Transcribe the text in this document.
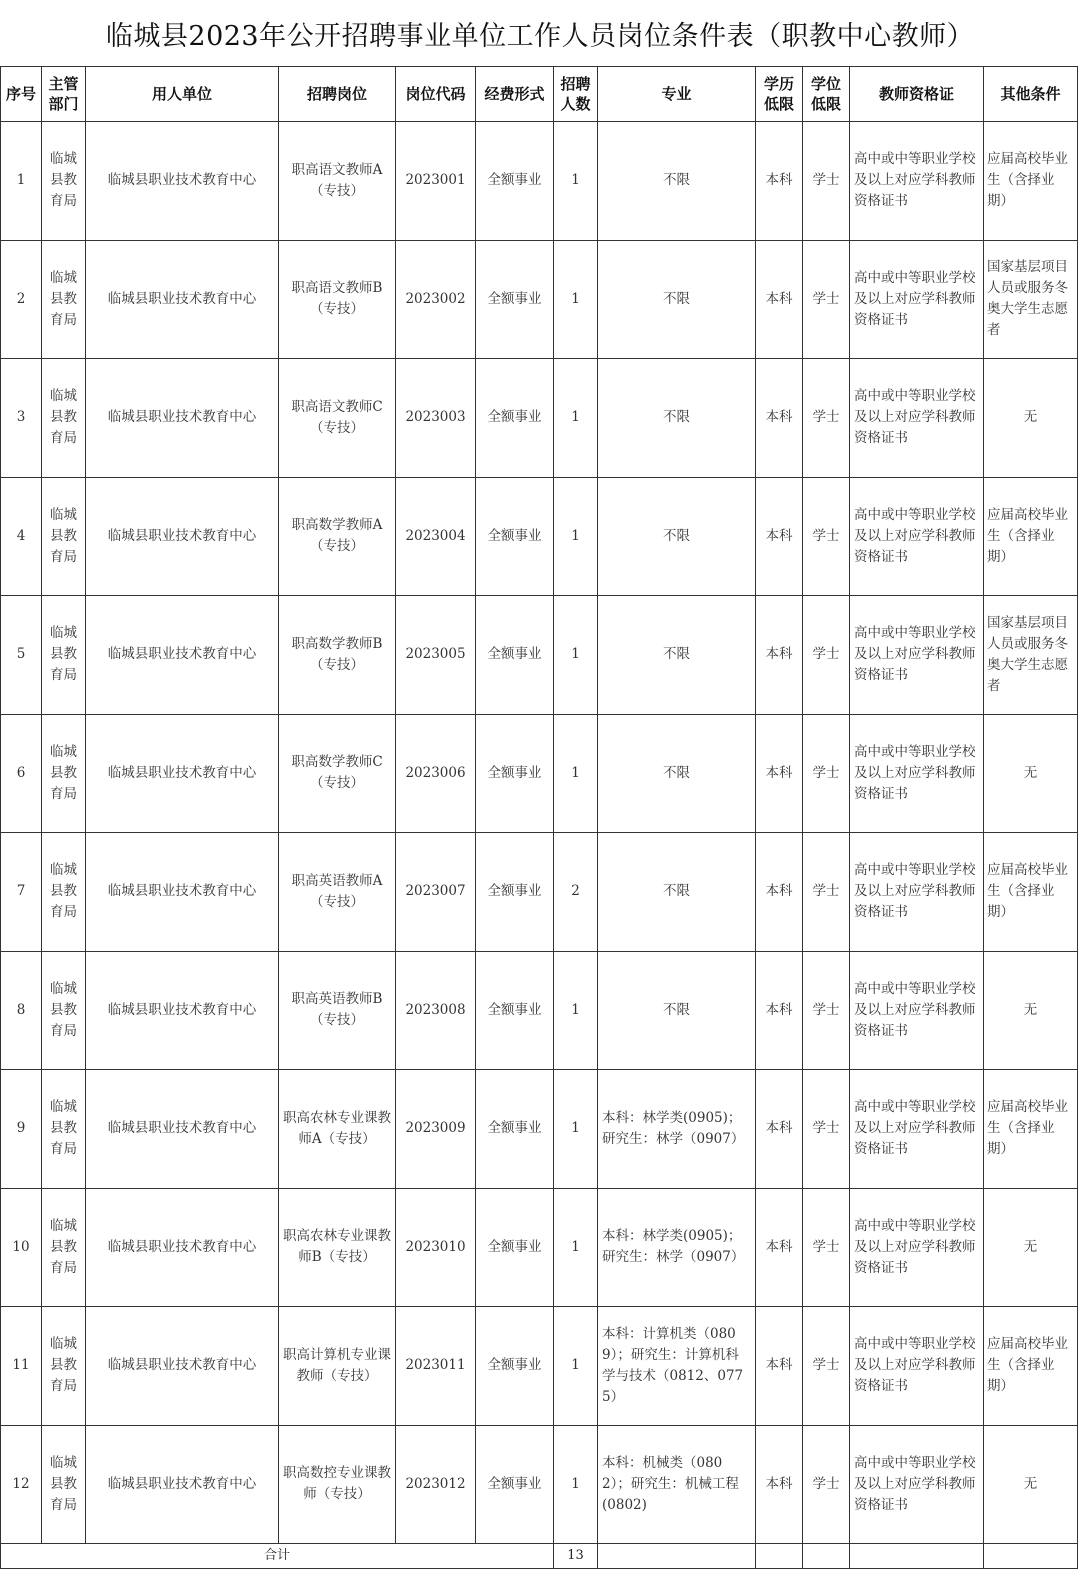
临城县2023年公开招聘事业单位工作人员岗位条件表（职教中心教师）
序号	主管部门	用人单位	招聘岗位	岗位代码	经费形式	招聘人数	专业	学历低限	学位低限	教师资格证	其他条件
1	临城县教育局	临城县职业技术教育中心	职高语文教师A（专技）	2023001	全额事业	1	不限	本科	学士	高中或中等职业学校及以上对应学科教师资格证书	应届高校毕业生（含择业期）
2	临城县教育局	临城县职业技术教育中心	职高语文教师B（专技）	2023002	全额事业	1	不限	本科	学士	高中或中等职业学校及以上对应学科教师资格证书	国家基层项目人员或服务冬奥大学生志愿者
3	临城县教育局	临城县职业技术教育中心	职高语文教师C（专技）	2023003	全额事业	1	不限	本科	学士	高中或中等职业学校及以上对应学科教师资格证书	无
4	临城县教育局	临城县职业技术教育中心	职高数学教师A（专技）	2023004	全额事业	1	不限	本科	学士	高中或中等职业学校及以上对应学科教师资格证书	应届高校毕业生（含择业期）
5	临城县教育局	临城县职业技术教育中心	职高数学教师B（专技）	2023005	全额事业	1	不限	本科	学士	高中或中等职业学校及以上对应学科教师资格证书	国家基层项目人员或服务冬奥大学生志愿者
6	临城县教育局	临城县职业技术教育中心	职高数学教师C（专技）	2023006	全额事业	1	不限	本科	学士	高中或中等职业学校及以上对应学科教师资格证书	无
7	临城县教育局	临城县职业技术教育中心	职高英语教师A（专技）	2023007	全额事业	2	不限	本科	学士	高中或中等职业学校及以上对应学科教师资格证书	应届高校毕业生（含择业期）
8	临城县教育局	临城县职业技术教育中心	职高英语教师B（专技）	2023008	全额事业	1	不限	本科	学士	高中或中等职业学校及以上对应学科教师资格证书	无
9	临城县教育局	临城县职业技术教育中心	职高农林专业课教师A（专技）	2023009	全额事业	1	本科：林学类(0905)；研究生：林学（0907）	本科	学士	高中或中等职业学校及以上对应学科教师资格证书	应届高校毕业生（含择业期）
10	临城县教育局	临城县职业技术教育中心	职高农林专业课教师B（专技）	2023010	全额事业	1	本科：林学类(0905)；研究生：林学（0907）	本科	学士	高中或中等职业学校及以上对应学科教师资格证书	无
11	临城县教育局	临城县职业技术教育中心	职高计算机专业课教师（专技）	2023011	全额事业	1	本科：计算机类（0809）；研究生：计算机科学与技术（0812、0775）	本科	学士	高中或中等职业学校及以上对应学科教师资格证书	应届高校毕业生（含择业期）
12	临城县教育局	临城县职业技术教育中心	职高数控专业课教师（专技）	2023012	全额事业	1	本科：机械类（0802）；研究生：机械工程(0802)	本科	学士	高中或中等职业学校及以上对应学科教师资格证书	无
合计						13					
